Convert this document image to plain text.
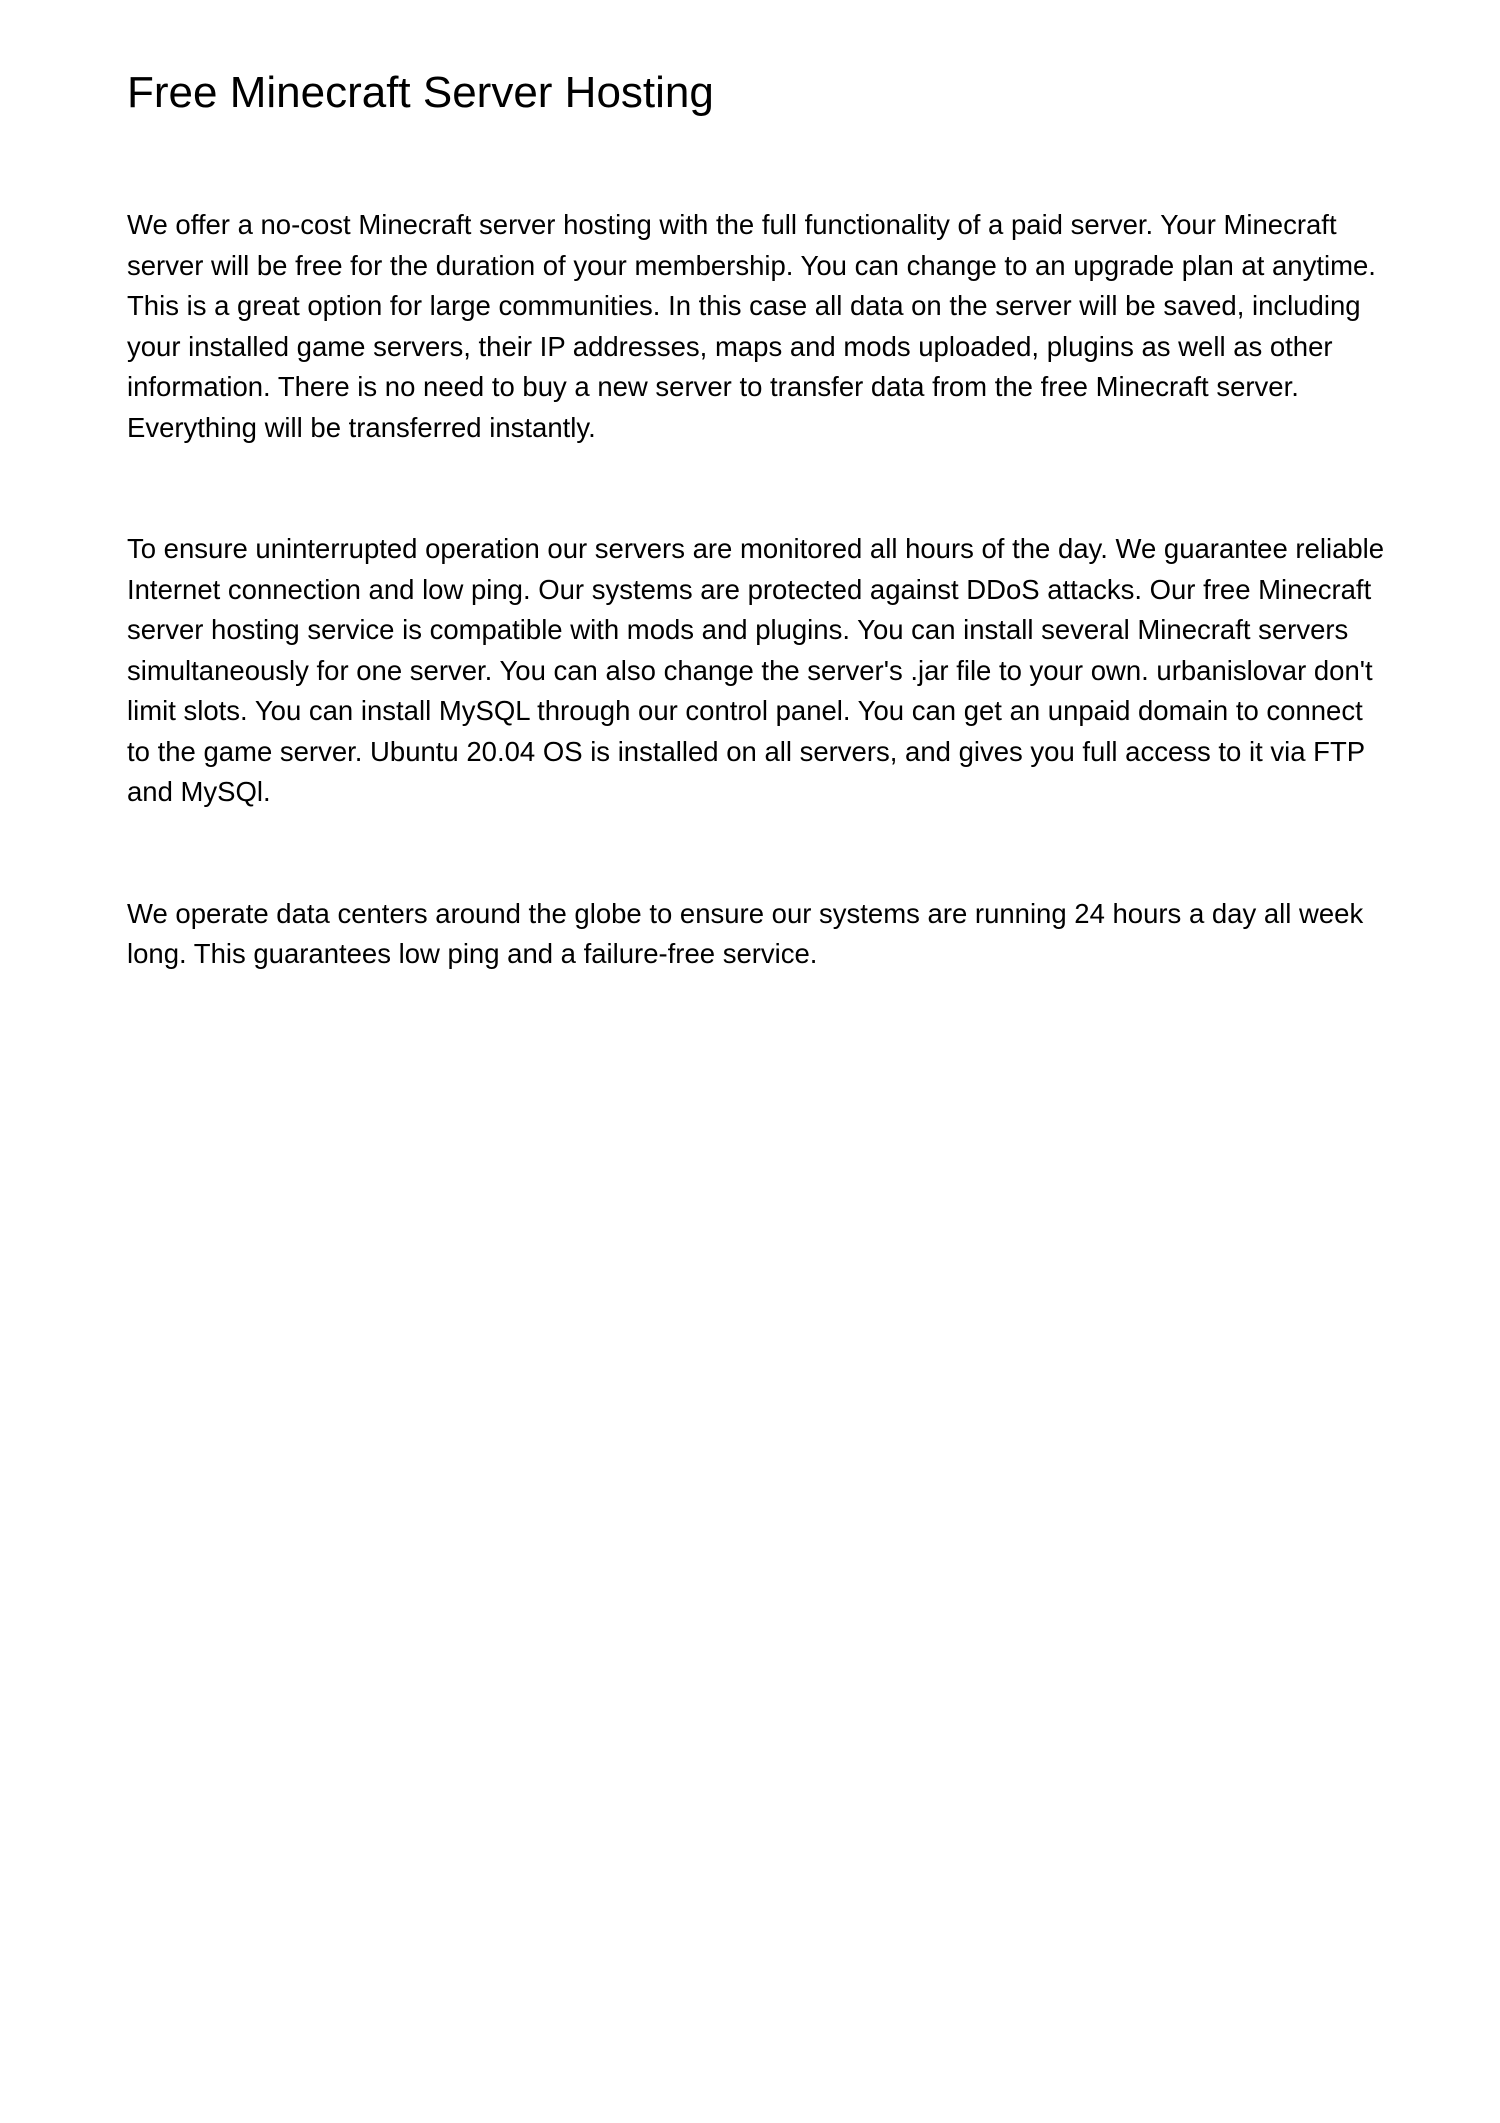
Free Minecraft Server Hosting

We offer a no-cost Minecraft server hosting with the full functionality of a paid server. Your Minecraft server will be free for the duration of your membership. You can change to an upgrade plan at anytime. This is a great option for large communities. In this case all data on the server will be saved, including your installed game servers, their IP addresses, maps and mods uploaded, plugins as well as other information. There is no need to buy a new server to transfer data from the free Minecraft server. Everything will be transferred instantly.

To ensure uninterrupted operation our servers are monitored all hours of the day. We guarantee reliable Internet connection and low ping. Our systems are protected against DDoS attacks. Our free Minecraft server hosting service is compatible with mods and plugins. You can install several Minecraft servers simultaneously for one server. You can also change the server's .jar file to your own. urbanislovar don't limit slots. You can install MySQL through our control panel. You can get an unpaid domain to connect to the game server. Ubuntu 20.04 OS is installed on all servers, and gives you full access to it via FTP and MySQl.

We operate data centers around the globe to ensure our systems are running 24 hours a day all week long. This guarantees low ping and a failure-free service.
